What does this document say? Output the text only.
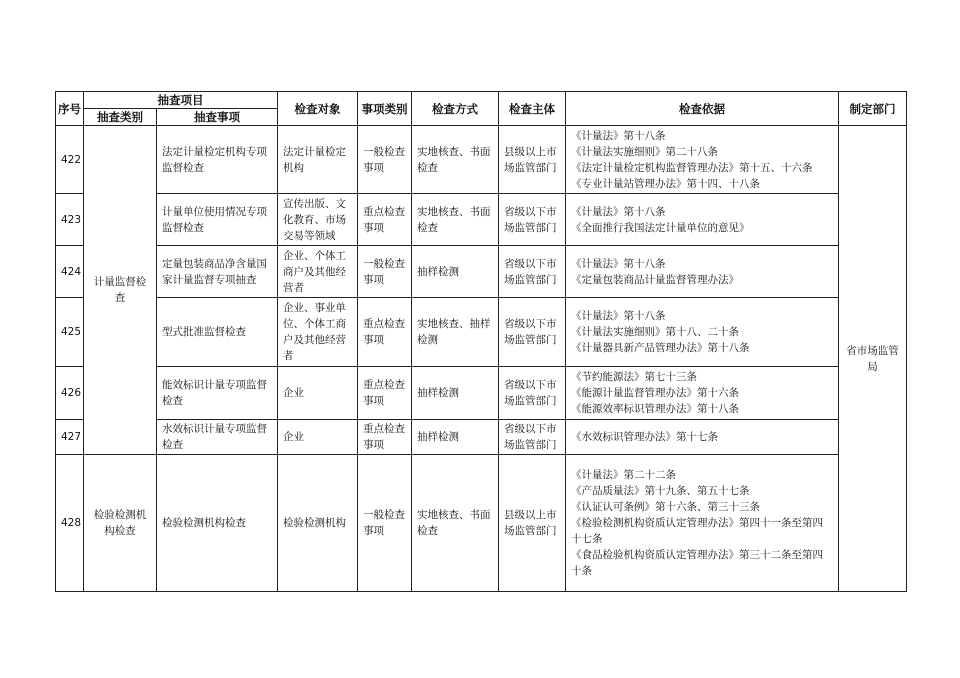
序号	抽查项目		检查对象	事项类别	检查方式	检查主体	检查依据	制定部门
	抽查类别	抽查事项						
422	计量监督检查	法定计量检定机构专项监督检查	法定计量检定机构	一般检查事项	实地核查、书面检查	县级以上市场监管部门	《计量法》第十八条
《计量法实施细则》第二十八条
《法定计量检定机构监督管理办法》第十五、十六条
《专业计量站管理办法》第十四、十八条	省市场监管局
423		计量单位使用情况专项监督检查	宣传出版、文化教育、市场交易等领域	重点检查事项	实地核查、书面检查	省级以下市场监管部门	《计量法》第十八条
《全面推行我国法定计量单位的意见》	

424		定量包装商品净含量国家计量监督专项抽查	企业、个体工商户及其他经营者	一般检查事项	抽样检测	省级以下市场监管部门	《计量法》第十八条
《定量包装商品计量监督管理办法》	

425		型式批准监督检查	企业、事业单位、个体工商户及其他经营者	重点检查事项	实地核查、抽样检测	省级以下市场监管部门	《计量法》第十八条
《计量法实施细则》第十八、二十条
《计量器具新产品管理办法》第十八条	

426		能效标识计量专项监督检查	企业	重点检查事项	抽样检测	省级以下市场监管部门	《节约能源法》第七十三条
《能源计量监督管理办法》第十六条
《能源效率标识管理办法》第十八条	

427		水效标识计量专项监督检查	企业	重点检查事项	抽样检测	省级以下市场监管部门	《水效标识管理办法》第十七条	

428	检验检测机构检查	检验检测机构检查	检验检测机构	一般检查事项	实地核查、书面检查	县级以上市场监管部门	《计量法》第二十二条
《产品质量法》第十九条、第五十七条
《认证认可条例》第十六条、第三十三条
《检验检测机构资质认定管理办法》第四十一条至第四十七条
《食品检验机构资质认定管理办法》第三十二条至第四十条	
